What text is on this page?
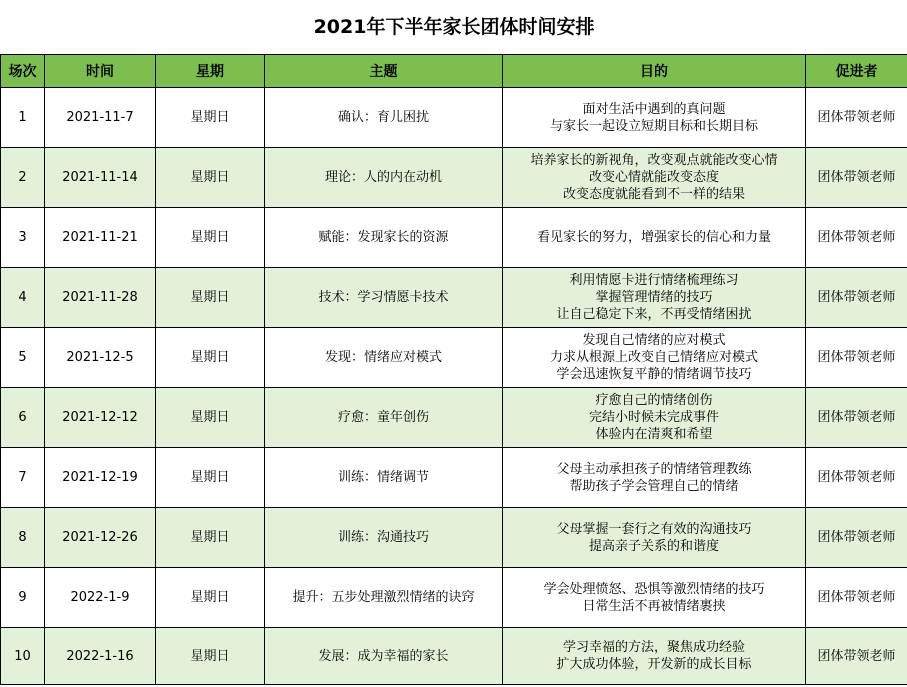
2021年下半年家长团体时间安排					
场次	时间	星期	主题	目的	促进者
1	2021-11-7	星期日	确认：育儿困扰	面对生活中遇到的真问题
与家长一起设立短期目标和长期目标	团体带领老师
2	2021-11-14	星期日	理论：人的内在动机	培养家长的新视角，改变观点就能改变心情
改变心情就能改变态度
改变态度就能看到不一样的结果	团体带领老师
3	2021-11-21	星期日	赋能：发现家长的资源	看见家长的努力，增强家长的信心和力量	团体带领老师
4	2021-11-28	星期日	技术：学习情愿卡技术	利用情愿卡进行情绪梳理练习
掌握管理情绪的技巧
让自己稳定下来，不再受情绪困扰	团体带领老师
5	2021-12-5	星期日	发现：情绪应对模式	发现自己情绪的应对模式
力求从根源上改变自己情绪应对模式
学会迅速恢复平静的情绪调节技巧	团体带领老师
6	2021-12-12	星期日	疗愈：童年创伤	疗愈自己的情绪创伤
完结小时候未完成事件
体验内在清爽和希望	团体带领老师
7	2021-12-19	星期日	训练：情绪调节	父母主动承担孩子的情绪管理教练
帮助孩子学会管理自己的情绪	团体带领老师
8	2021-12-26	星期日	训练：沟通技巧	父母掌握一套行之有效的沟通技巧
提高亲子关系的和谐度	团体带领老师
9	2022-1-9	星期日	提升：五步处理激烈情绪的诀窍	学会处理愤怒、恐惧等激烈情绪的技巧
日常生活不再被情绪裹挟	团体带领老师
10	2022-1-16	星期日	发展：成为幸福的家长	学习幸福的方法，聚焦成功经验
扩大成功体验，开发新的成长目标	团体带领老师
